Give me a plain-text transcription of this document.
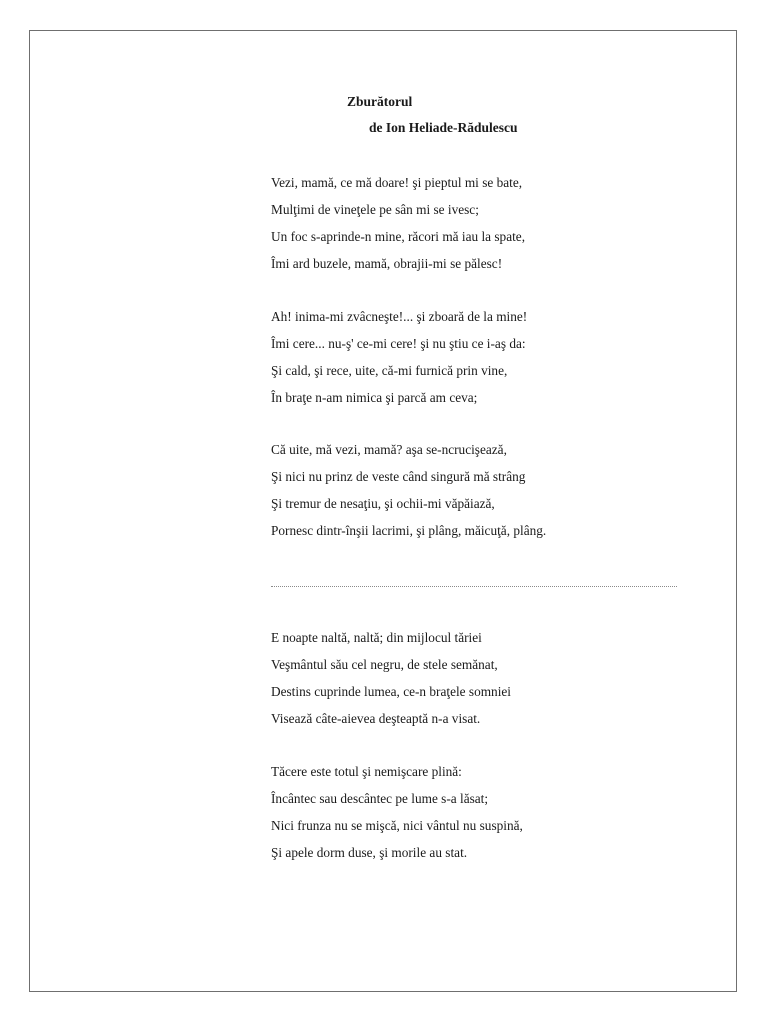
Zburătorul
de Ion Heliade-Rădulescu
Vezi, mamă, ce mă doare! şi pieptul mi se bate,
Mulţimi de vineţele pe sân mi se ivesc;
Un foc s-aprinde-n mine, răcori mă iau la spate,
Îmi ard buzele, mamă, obrajii-mi se pălesc!
Ah! inima-mi zvâcneşte!... şi zboară de la mine!
Îmi cere... nu-ş' ce-mi cere! şi nu ştiu ce i-aş da:
Şi cald, şi rece, uite, că-mi furnică prin vine,
În braţe n-am nimica şi parcă am ceva;
Că uite, mă vezi, mamă? aşa se-ncrucişează,
Şi nici nu prinz de veste când singură mă strâng
Şi tremur de nesaţiu, şi ochii-mi văpăiază,
Pornesc dintr-înşii lacrimi, şi plâng, măicuţă, plâng.
E noapte naltă, naltă; din mijlocul tăriei
Veşmântul său cel negru, de stele semănat,
Destins cuprinde lumea, ce-n braţele somniei
Visează câte-aievea deşteaptă n-a visat.
Tăcere este totul şi nemişcare plină:
Încântec sau descântec pe lume s-a lăsat;
Nici frunza nu se mişcă, nici vântul nu suspină,
Şi apele dorm duse, şi morile au stat.
